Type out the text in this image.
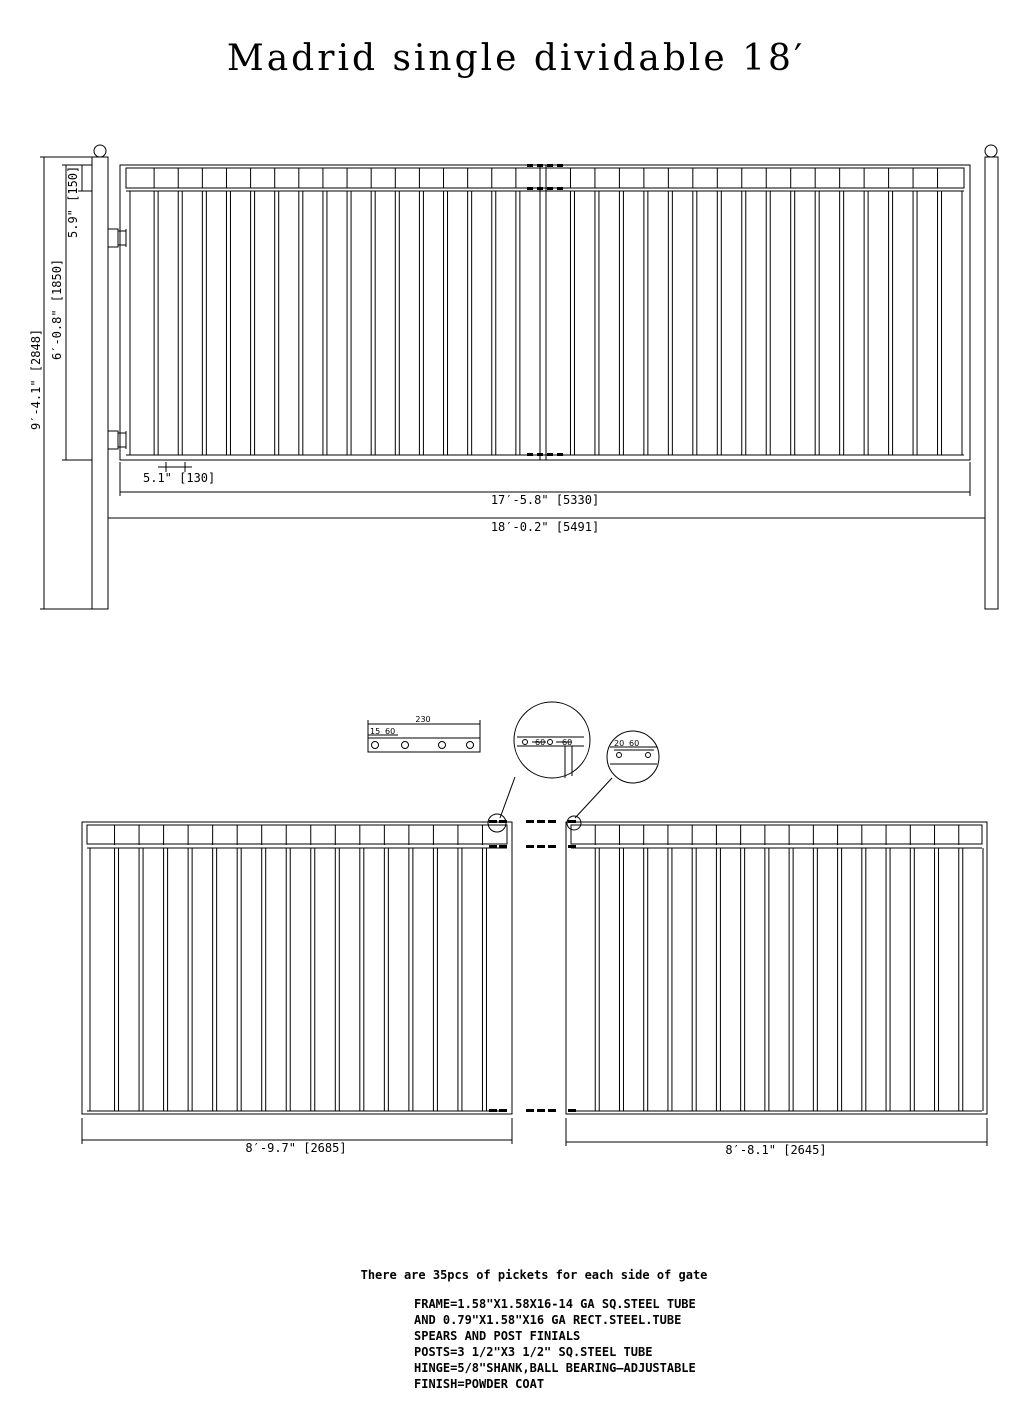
Madrid single dividable 18′
9′-4.1" [2848]
6′-0.8" [1850]
5.9" [150]
5.1" [130]
17′-5.8" [5330]
18′-0.2" [5491]
230
15 60
60 60	20 60
8′-9.7" [2685]	8′-8.1" [2645]

There are 35pcs of pickets for each side of gate

FRAME=1.58"X1.58X16-14 GA SQ.STEEL TUBE
AND 0.79"X1.58"X16 GA RECT.STEEL.TUBE
SPEARS AND POST FINIALS
POSTS=3 1/2"X3 1/2" SQ.STEEL TUBE
HINGE=5/8"SHANK,BALL BEARING—ADJUSTABLE
FINISH=POWDER COAT
